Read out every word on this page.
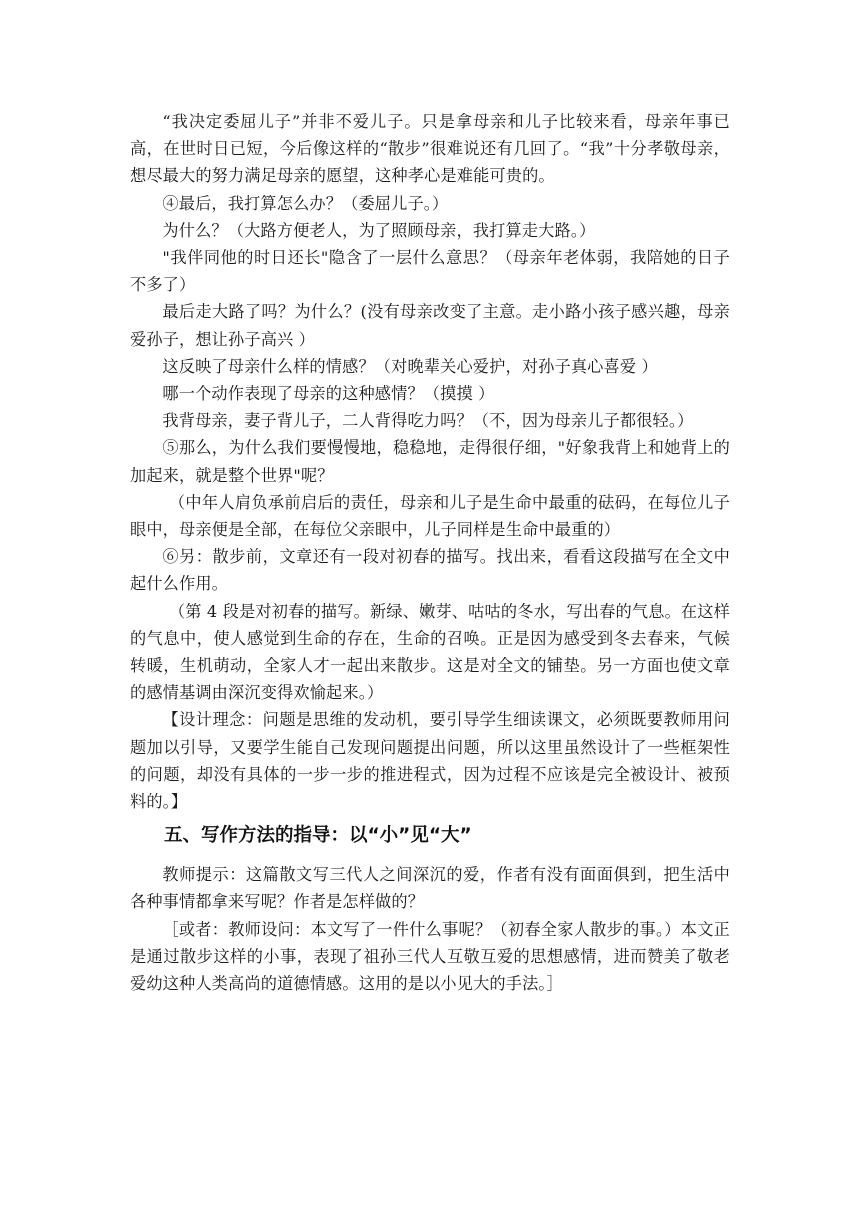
“我决定委屈儿子”并非不爱儿子。只是拿母亲和儿子比较来看，母亲年事已高，在世时日已短，今后像这样的“散步”很难说还有几回了。“我”十分孝敬母亲，想尽最大的努力满足母亲的愿望，这种孝心是难能可贵的。

④最后，我打算怎么办？（委屈儿子。）

为什么？（大路方便老人，为了照顾母亲，我打算走大路。）

"我伴同他的时日还长"隐含了一层什么意思？（母亲年老体弱，我陪她的日子不多了）

最后走大路了吗？为什么？(没有母亲改变了主意。走小路小孩子感兴趣，母亲爱孙子，想让孙子高兴 ）

这反映了母亲什么样的情感？（对晚辈关心爱护，对孙子真心喜爱 ）

哪一个动作表现了母亲的这种感情？（摸摸 ）

我背母亲，妻子背儿子，二人背得吃力吗？（不，因为母亲儿子都很轻。）

⑤那么，为什么我们要慢慢地，稳稳地，走得很仔细，"好象我背上和她背上的加起来，就是整个世界"呢？

（中年人肩负承前启后的责任，母亲和儿子是生命中最重的砝码，在每位儿子眼中，母亲便是全部，在每位父亲眼中，儿子同样是生命中最重的）

⑥另：散步前，文章还有一段对初春的描写。找出来，看看这段描写在全文中起什么作用。

（第 4 段是对初春的描写。新绿、嫩芽、咕咕的冬水，写出春的气息。在这样的气息中，使人感觉到生命的存在，生命的召唤。正是因为感受到冬去春来，气候转暖，生机萌动，全家人才一起出来散步。这是对全文的铺垫。另一方面也使文章的感情基调由深沉变得欢愉起来。）

【设计理念：问题是思维的发动机，要引导学生细读课文，必须既要教师用问题加以引导，又要学生能自己发现问题提出问题，所以这里虽然设计了一些框架性的问题，却没有具体的一步一步的推进程式，因为过程不应该是完全被设计、被预料的。】

五、写作方法的指导：以“小”见“大”

教师提示：这篇散文写三代人之间深沉的爱，作者有没有面面俱到，把生活中各种事情都拿来写呢？作者是怎样做的？

［或者：教师设问：本文写了一件什么事呢？（初春全家人散步的事。）本文正是通过散步这样的小事，表现了祖孙三代人互敬互爱的思想感情，进而赞美了敬老爱幼这种人类高尚的道德情感。这用的是以小见大的手法。］
